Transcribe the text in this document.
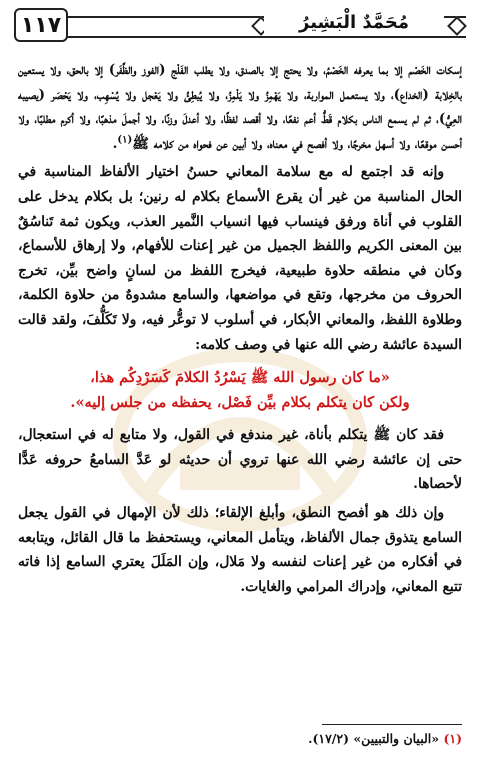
١١٧	مُحَمَّدٌ الْبَشِيرُ

إسكات الخَصْم إلا بما يعرفه الخَصْمُ، ولا يحتج إلا بالصدق، ولا يطلب الفَلْج (الفوز والظَّفَر) إلا بالحق، ولا يستعين بالخِلابة (الخداع)، ولا يستعمل المواربة، ولا يَهْمِزُ ولا يَلْمِزُ، ولا يُبطِئُ ولا يَعْجل ولا يُسْهِب، ولا يَحْصَر (يصيبه العِيُّ)، ثم لم يسمع الناس بكلام قَطُّ أعم نفعًا، ولا أقصد لفظًا، ولا أعدلَ وزنًا، ولا أجملَ مذهبًا، ولا أكرم مطلبًا، ولا أحسن موقعًا، ولا أسهل مخرجًا، ولا أفصح في معناه، ولا أبين عن فحواه من كلامه ﷺ$^{(١)}$.

وإنه قد اجتمع له مع سلامة المعاني حسنُ اختيار الألفاظ المناسبة في الحال المناسبة من غير أن يقرع الأسماع بكلام له رنين؛ بل بكلام يدخل على القلوب في أناة ورفق فينساب فيها انسياب النَّمير العذب، ويكون ثمة تَناسُقٌ بين المعنى الكريم واللفظ الجميل من غير إعنات للأفهام، ولا إرهاق للأسماع، وكان في منطقه حلاوة طبيعية، فيخرج اللفظ من لسانٍ واضح بيِّن، تخرج الحروف من مخرجها، وتقع في مواضعها، والسامع مشدوهٌ من حلاوة الكلمة، وطلاوة اللفظ، والمعاني الأبكار، في أسلوب لا توعُّر فيه، ولا تَكَلُّفَ، ولقد قالت السيدة عائشة رضي الله عنها في وصف كلامه:

«ما كان رسول الله ﷺ يَسْرُدُ الكلامَ كَسَرْدِكُم هذا،
ولكن كان يتكلم بكلام بيِّن فَصْل، يحفظه من جلس إليه».

فقد كان ﷺ يتكلم بأناة، غير مندفع في القول، ولا متابع له في استعجال، حتى إن عائشة رضي الله عنها تروي أن حديثه لو عَدَّ السامعُ حروفه عَدًّا لأحصاها.

وإن ذلك هو أفصح النطق، وأبلغ الإلقاء؛ ذلك لأن الإمهال في القول يجعل السامع يتذوق جمال الألفاظ، ويتأمل المعاني، ويستحفظ ما قال القائل، ويتابعه في أفكاره من غير إعنات لنفسه ولا مَلال، وإن المَلَلَ يعتري السامع إذا فاته تتبع المعاني، وإدراك المرامي والغايات.

(١) «البيان والتبيين» (١٧/٢).
